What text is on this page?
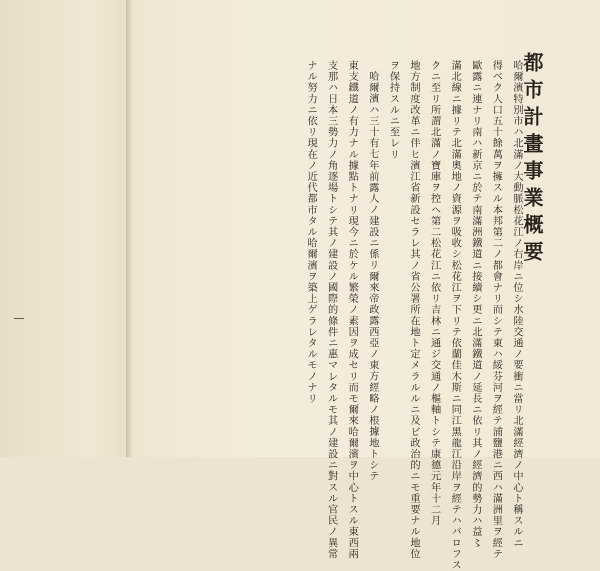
都市計畫事業概要
哈爾濱特別市ハ北滿ノ大動脈松花江ノ右岸ニ位シ水陸交通ノ要衝ニ當リ北滿經濟ノ中心ト稱スルニ
得ベク人口五十餘萬ヲ擁スル本邦第二ノ都會ナリ而シテ東ハ綏芬河ヲ經テ浦鹽港ニ西ハ滿洲里ヲ經テ
歐露ニ連ナリ南ハ新京ニ於テ南滿洲鐵道ニ接續シ更ニ北滿鐵道ノ延長ニ依リ其ノ經濟的勢力ハ益〻
滿北線ニ據リテ北滿奧地ノ資源ヲ吸收シ松花江ヲ下リテ依蘭佳木斯ニ同江黑龍江沿岸ヲ經テハバロフス
クニ至リ所謂北滿ノ寶庫ヲ控ヘ第二松花江ニ依リ吉林ニ通ジ交通ノ樞軸トシテ康德元年十二月
地方制度改革ニ伴ヒ濱江省新設セラレ其ノ省公署所在地ト定メラルルニ及ビ政治的ニモ重要ナル地位
ヲ保持スルニ至レリ
哈爾濱ハ三十有七年前露人ノ建設ニ係リ爾來帝政露西亞ノ東方經略ノ根據地トシテ
東支鐵道ノ有力ナル據點トナリ現今ニ於ケル繁榮ノ素因ヲ成セリ而モ爾來哈爾濱ヲ中心トスル東西兩
支那ハ日本三勢力ノ角逐場トシテ其ノ建設ノ國際的條件ニ惠マレタルモ其ノ建設ニ對スル官民ノ異常
ナル努力ニ依リ現在ノ近代都市タル哈爾濱ヲ築上ゲラレタルモノナリ
